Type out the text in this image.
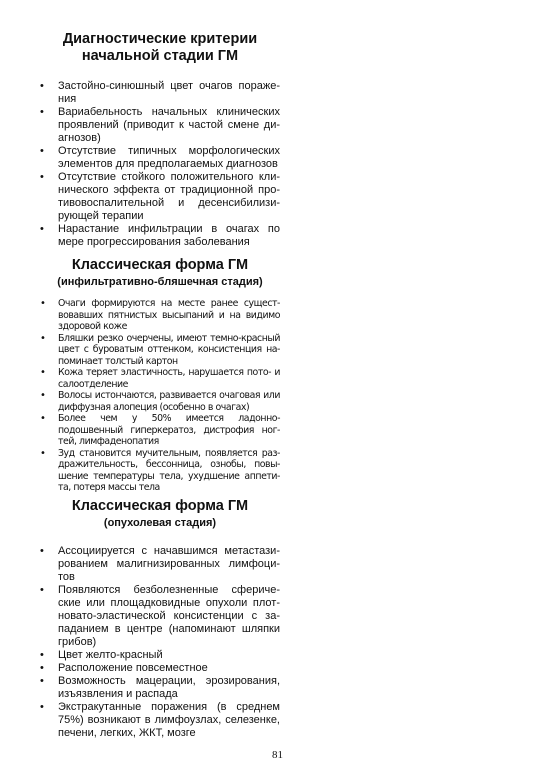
Диагностические критерии
начальной стадии ГМ
• Застойно-синюшный цвет очагов пораже-ния
• Вариабельность начальных клинических проявлений (приводит к частой смене ди-агнозов)
• Отсутствие типичных морфологических элементов для предполагаемых диагнозов
• Отсутствие стойкого положительного кли-нического эффекта от традиционной про-тивовоспалительной и десенсибилизи-рующей терапии
• Нарастание инфильтрации в очагах по мере прогрессирования заболевания
Классическая форма ГМ
(инфильтративно-бляшечная стадия)
• Очаги формируются на месте ранее сущест-вовавших пятнистых высыпаний и на видимо здоровой коже
• Бляшки резко очерчены, имеют темно-красный цвет с буроватым оттенком, консистенция на-поминает толстый картон
• Кожа теряет эластичность, нарушается пото- и салоотделение
• Волосы истончаются, развивается очаговая или диффузная алопеция (особенно в очагах)
• Более чем у 50% имеется ладонно-подошвенный гиперкератоз, дистрофия ног-тей, лимфаденопатия
• Зуд становится мучительным, появляется раз-дражительность, бессонница, ознобы, повы-шение температуры тела, ухудшение аппети-та, потеря массы тела
Классическая форма ГМ
(опухолевая стадия)
• Ассоциируется с начавшимся метастази-рованием малигнизированных лимфоци-тов
• Появляются безболезненные сфериче-ские или площадковидные опухоли плот-новато-эластической консистенции с за-паданием в центре (напоминают шляпки грибов)
• Цвет желто-красный
• Расположение повсеместное
• Возможность мацерации, эрозирования, изъязвления и распада
• Экстракутанные поражения (в среднем 75%) возникают в лимфоузлах, селезенке, печени, легких, ЖКТ, мозге
81
